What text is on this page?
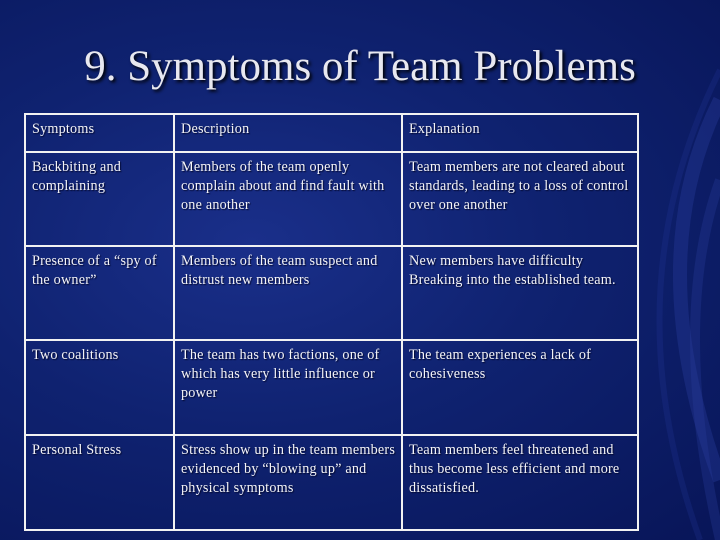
9. Symptoms of Team Problems
Symptoms	Description	Explanation
Backbiting and complaining	Members of the team openly complain about and find fault with one another	Team members are not cleared about standards, leading to a loss of control over one another
Presence of a “spy of the owner”	Members of the team suspect and distrust new members	New members have difficulty Breaking into the established team.
Two coalitions	The team has two factions, one of which has very little influence or power	The team experiences a lack of cohesiveness
Personal Stress	Stress show up in the team members evidenced by “blowing up” and physical symptoms	Team members feel threatened and thus become less efficient and more dissatisfied.
